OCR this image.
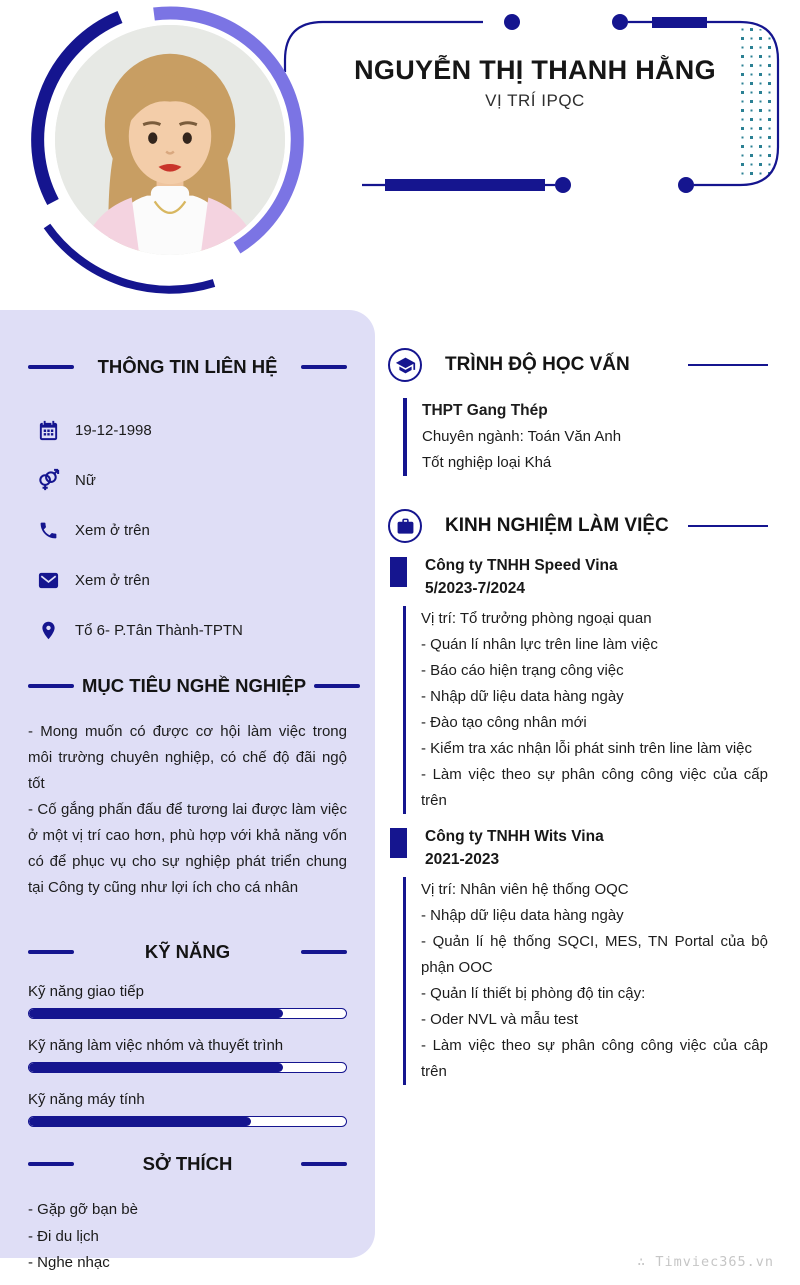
NGUYỄN THỊ THANH HẰNG
VỊ TRÍ IPQC
THÔNG TIN LIÊN HỆ
19-12-1998
Nữ
Xem ở trên
Xem ở trên
Tổ 6- P.Tân Thành-TPTN
MỤC TIÊU NGHỀ NGHIỆP

- Mong muốn có được cơ hội làm việc trong môi trường chuyên nghiệp, có chế độ đãi ngộ tốt

- Cố gắng phấn đấu để tương lai được làm việc ở một vị trí cao hơn, phù hợp với khả năng vốn có để phục vụ cho sự nghiệp phát triển chung tại Công ty cũng như lợi ích cho cá nhân

KỸ NĂNG
Kỹ năng giao tiếp
Kỹ năng làm việc nhóm và thuyết trình
Kỹ năng máy tính
SỞ THÍCH
- Gặp gỡ bạn bè
- Đi du lịch
- Nghe nhạc
TRÌNH ĐỘ HỌC VẤN
THPT Gang Thép
Chuyên ngành: Toán Văn Anh
Tốt nghiệp loại Khá
KINH NGHIỆM LÀM VIỆC
Công ty TNHH Speed Vina
5/2023-7/2024

Vị trí: Tổ trưởng phòng ngoại quan

- Quán lí nhân lực trên line làm việc

- Báo cáo hiện trạng công việc

- Nhập dữ liệu data hàng ngày

- Đào tạo công nhân mới

- Kiểm tra xác nhận lỗi phát sinh trên line làm việc

- Làm việc theo sự phân công công việc của cấp trên

Công ty TNHH Wits Vina
2021-2023

Vị trí: Nhân viên hệ thống OQC

- Nhập dữ liệu data hàng ngày

- Quản lí hệ thống SQCI, MES, TN Portal của bộ phận OOC

- Quản lí thiết bị phòng độ tin cậy:

- Oder NVL và mẫu test

- Làm việc theo sự phân công công việc của câp trên

∴ Timviec365.vn
